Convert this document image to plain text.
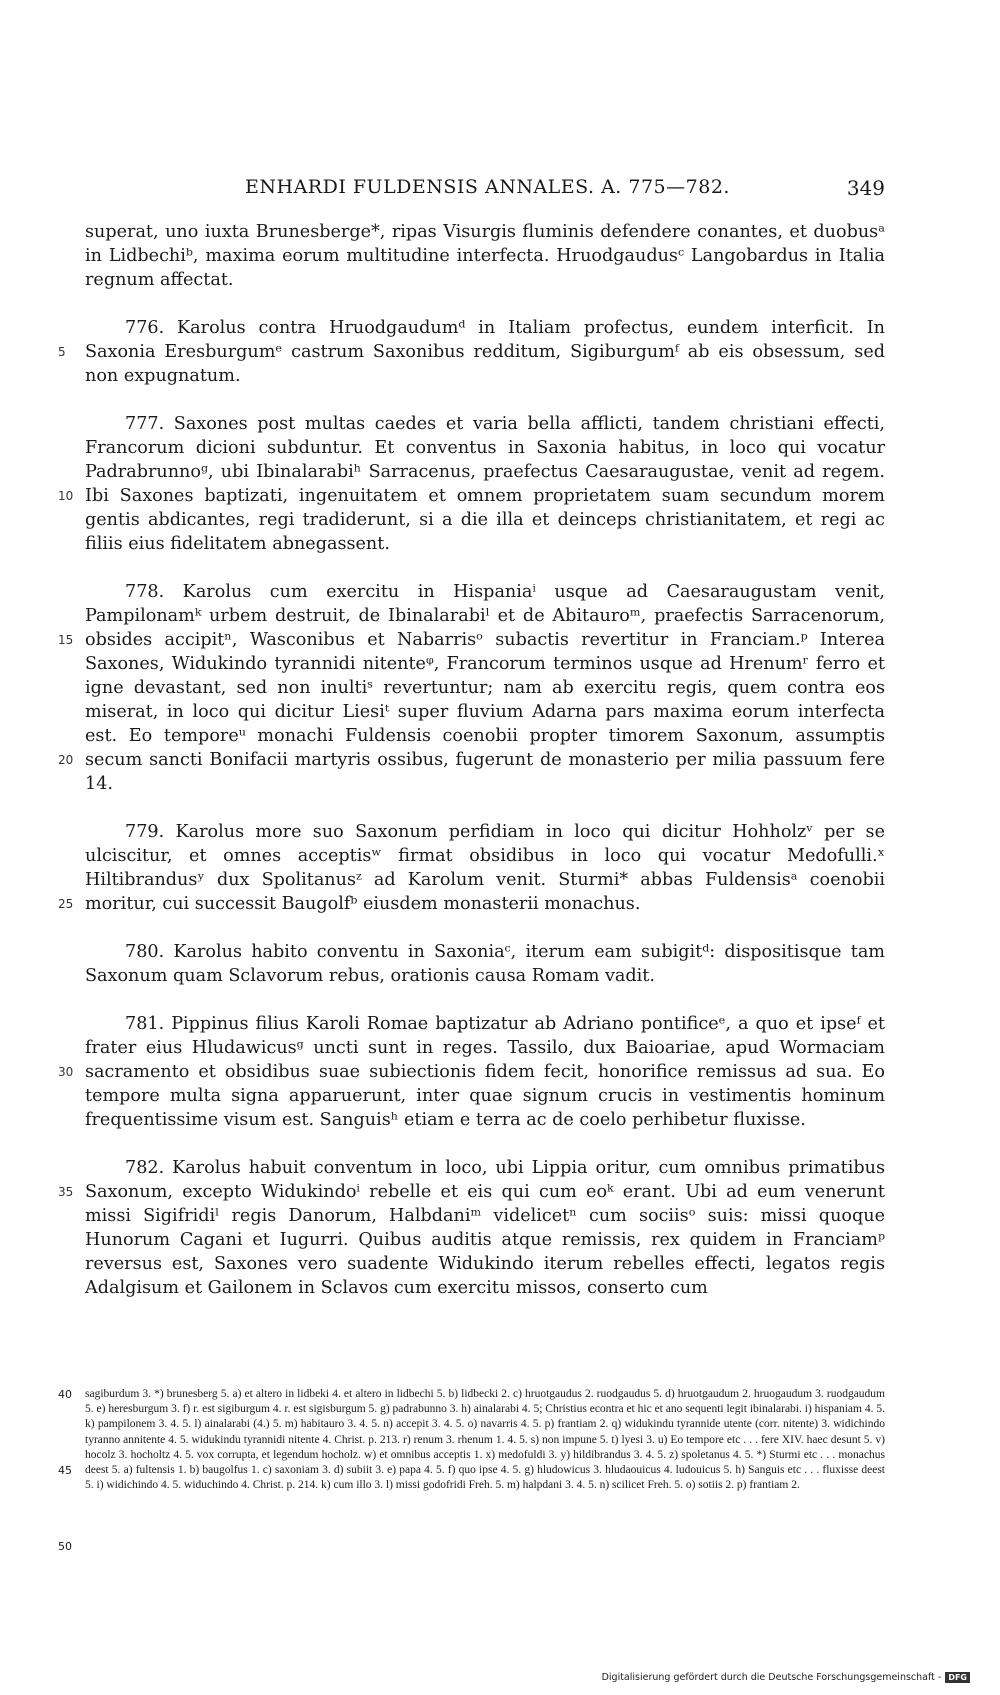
ENHARDI FULDENSIS ANNALES. A. 775—782.	349

superat, uno iuxta Brunesberge*, ripas Visurgis fluminis defendere conantes, et duobusᵃ in Lidbechiᵇ, maxima eorum multitudine interfecta. Hruodgaudusᶜ Langobardus in Italia regnum affectat.

5
776. Karolus contra Hruodgaudumᵈ in Italiam profectus, eundem interficit. In Saxonia Eresburgumᵉ castrum Saxonibus redditum, Sigiburgumᶠ ab eis obsessum, sed non expugnatum.

10
777. Saxones post multas caedes et varia bella afflicti, tandem christiani effecti, Francorum dicioni subduntur. Et conventus in Saxonia habitus, in loco qui vocatur Padrabrunnoᵍ, ubi Ibinalarabiʰ Sarracenus, praefectus Caesaraugustae, venit ad regem. Ibi Saxones baptizati, ingenuitatem et omnem proprietatem suam secundum morem gentis abdicantes, regi tradiderunt, si a die illa et deinceps christianitatem, et regi ac filiis eius fidelitatem abnegassent.

15
20
778. Karolus cum exercitu in Hispaniaⁱ usque ad Caesaraugustam venit, Pampilonamᵏ urbem destruit, de Ibinalarabiˡ et de Abitauroᵐ, praefectis Sarracenorum, obsides accipitⁿ, Wasconibus et Nabarrisᵒ subactis revertitur in Franciam.ᵖ Interea Saxones, Widukindo tyrannidi nitenteᵠ, Francorum terminos usque ad Hrenumʳ ferro et igne devastant, sed non inultiˢ revertuntur; nam ab exercitu regis, quem contra eos miserat, in loco qui dicitur Liesiᵗ super fluvium Adarna pars maxima eorum interfecta est. Eo temporeᵘ monachi Fuldensis coenobii propter timorem Saxonum, assumptis secum sancti Bonifacii martyris ossibus, fugerunt de monasterio per milia passuum fere 14.

25
779. Karolus more suo Saxonum perfidiam in loco qui dicitur Hohholzᵛ per se ulciscitur, et omnes acceptisʷ firmat obsidibus in loco qui vocatur Medofulli.ˣ Hiltibrandusʸ dux Spolitanusᶻ ad Karolum venit. Sturmi* abbas Fuldensisᵃ coenobii moritur, cui successit Baugolfᵇ eiusdem monasterii monachus.

780. Karolus habito conventu in Saxoniaᶜ, iterum eam subigitᵈ: dispositisque tam Saxonum quam Sclavorum rebus, orationis causa Romam vadit.

30
781. Pippinus filius Karoli Romae baptizatur ab Adriano pontificeᵉ, a quo et ipseᶠ et frater eius Hludawicusᵍ uncti sunt in reges. Tassilo, dux Baioariae, apud Wormaciam sacramento et obsidibus suae subiectionis fidem fecit, honorifice remissus ad sua. Eo tempore multa signa apparuerunt, inter quae signum crucis in vestimentis hominum frequentissime visum est. Sanguisʰ etiam e terra ac de coelo perhibetur fluxisse.

35
782. Karolus habuit conventum in loco, ubi Lippia oritur, cum omnibus primatibus Saxonum, excepto Widukindoⁱ rebelle et eis qui cum eoᵏ erant. Ubi ad eum venerunt missi Sigifridiˡ regis Danorum, Halbdaniᵐ videlicetⁿ cum sociisᵒ suis: missi quoque Hunorum Cagani et Iugurri. Quibus auditis atque remissis, rex quidem in Franciamᵖ reversus est, Saxones vero suadente Widukindo iterum rebelles effecti, legatos regis Adalgisum et Gailonem in Sclavos cum exercitu missos, conserto cum

40
45
50

sagiburdum 3. *) brunesberg 5. a) et altero in lidbeki 4. et altero in lidbechi 5. b) lidbecki 2. c) hruotgaudus 2. ruodgaudus 5. d) hruotgaudum 2. hruogaudum 3. ruodgaudum 5. e) heresburgum 3. f) r. est sigiburgum 4. r. est sigisburgum 5. g) padrabunno 3. h) ainalarabi 4. 5; Christius econtra et hic et ano sequenti legit ibinalarabi. i) hispaniam 4. 5. k) pampilonem 3. 4. 5. l) ainalarabi (4.) 5. m) habitauro 3. 4. 5. n) accepit 3. 4. 5. o) navarris 4. 5. p) frantiam 2. q) widukindu tyrannide utente (corr. nitente) 3. widichindo tyranno annitente 4. 5. widukindu tyrannidi nitente 4. Christ. p. 213. r) renum 3. rhenum 1. 4. 5. s) non impune 5. t) lyesi 3. u) Eo tempore etc . . . fere XIV. haec desunt 5. v) hocolz 3. hocholtz 4. 5. vox corrupta, et legendum hocholz. w) et omnibus acceptis 1. x) medofuldi 3. y) hildibrandus 3. 4. 5. z) spoletanus 4. 5. *) Sturmi etc . . . monachus deest 5. a) fultensis 1. b) baugolfus 1. c) saxoniam 3. d) subiit 3. e) papa 4. 5. f) quo ipse 4. 5. g) hludowicus 3. hludaouicus 4. ludouicus 5. h) Sanguis etc . . . fluxisse deest 5. i) widichindo 4. 5. widuchindo 4. Christ. p. 214. k) cum illo 3. l) missi godofridi Freh. 5. m) halpdani 3. 4. 5. n) scilicet Freh. 5. o) sotiis 2. p) frantiam 2.

Digitalisierung gefördert durch die Deutsche Forschungsgemeinschaft - DFG
